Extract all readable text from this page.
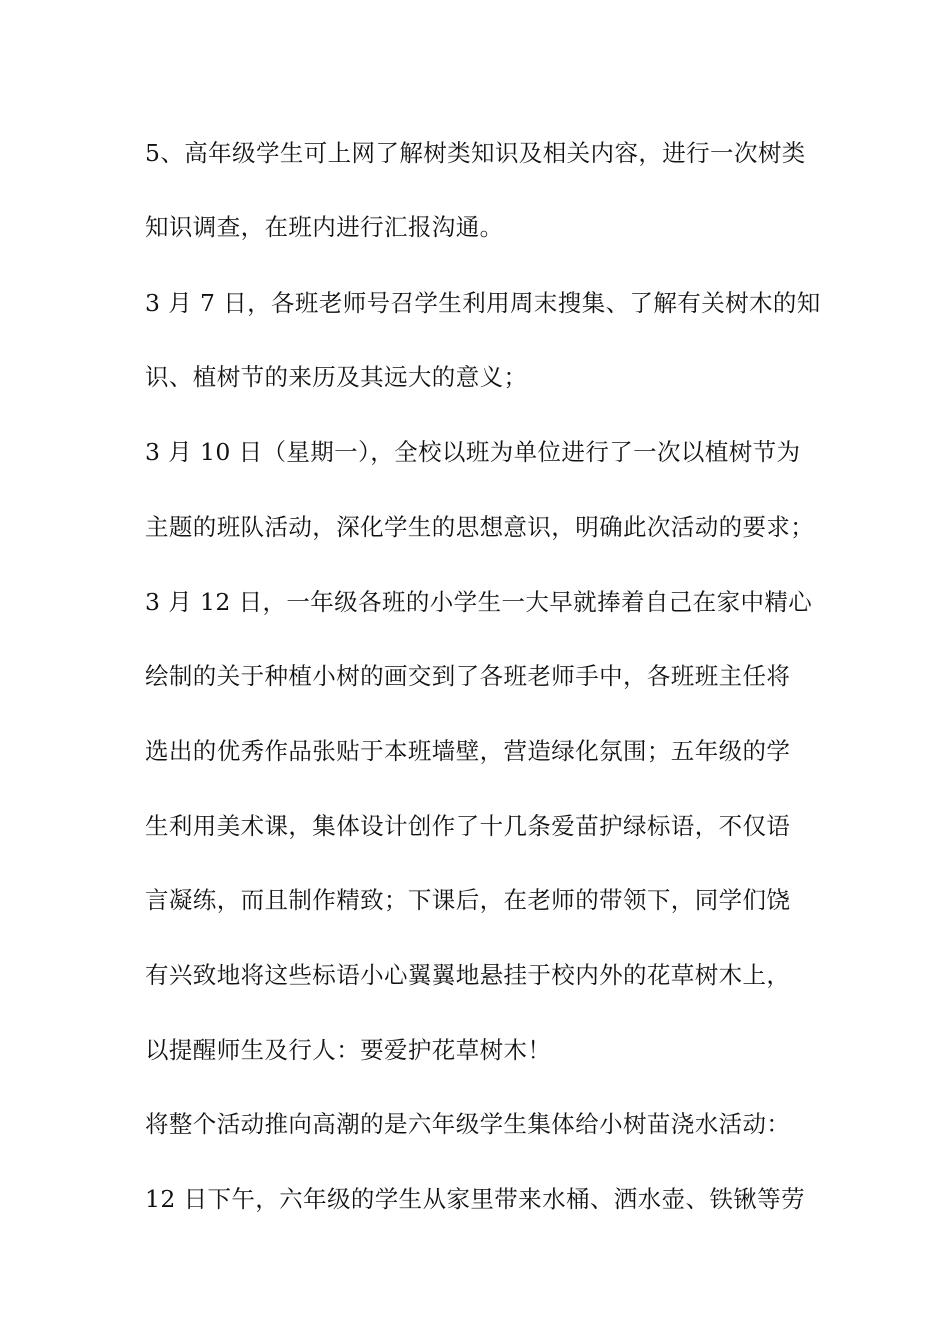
5、高年级学生可上网了解树类知识及相关内容，进行一次树类
知识调查，在班内进行汇报沟通。
3 月 7 日，各班老师号召学生利用周末搜集、了解有关树木的知
识、植树节的来历及其远大的意义；
3 月 10 日（星期一），全校以班为单位进行了一次以植树节为
主题的班队活动，深化学生的思想意识，明确此次活动的要求；
3 月 12 日，一年级各班的小学生一大早就捧着自己在家中精心
绘制的关于种植小树的画交到了各班老师手中，各班班主任将
选出的优秀作品张贴于本班墙壁，营造绿化氛围；五年级的学
生利用美术课，集体设计创作了十几条爱苗护绿标语，不仅语
言凝练，而且制作精致；下课后，在老师的带领下，同学们饶
有兴致地将这些标语小心翼翼地悬挂于校内外的花草树木上，
以提醒师生及行人：要爱护花草树木！
将整个活动推向高潮的是六年级学生集体给小树苗浇水活动：
12 日下午，六年级的学生从家里带来水桶、洒水壶、铁锹等劳
